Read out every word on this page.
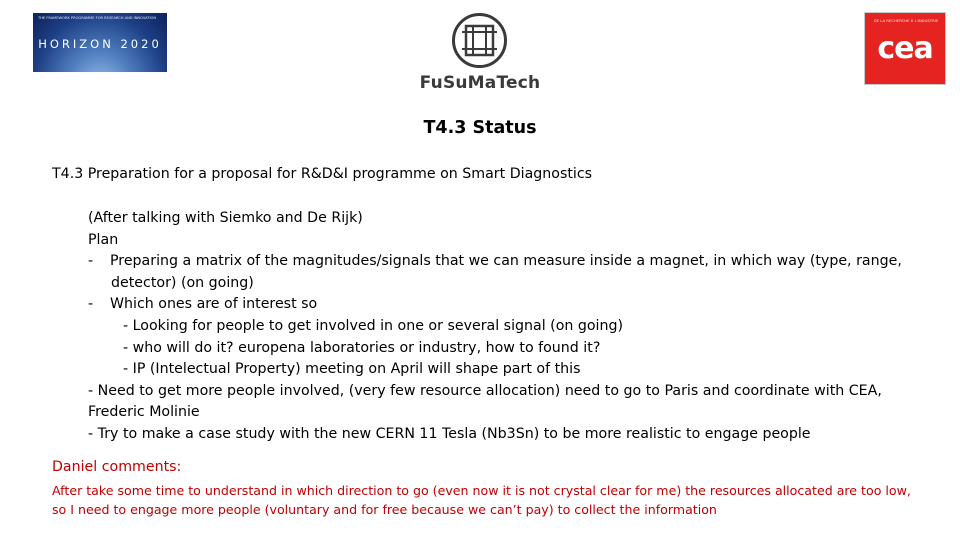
THE FRAMEWORK PROGRAMME FOR RESEARCH AND INNOVATION
HORIZON 2020
FuSuMaTech
DE LA RECHERCHE À L'INDUSTRIE
cea
T4.3 Status
T4.3 Preparation for a proposal for R&D&I programme on Smart Diagnostics
(After talking with Siemko and De Rijk)
Plan
- Preparing a matrix of the magnitudes/signals that we can measure inside a magnet, in which way (type, range,
detector) (on going)
- Which ones are of interest so
- Looking for people to get involved in one or several signal (on going)
- who will do it? europena laboratories or industry, how to found it?
- IP (Intelectual Property) meeting on April will shape part of this
- Need to get more people involved, (very few resource allocation) need to go to Paris and coordinate with CEA,
Frederic Molinie
- Try to make a case study with the new CERN 11 Tesla (Nb3Sn) to be more realistic to engage people
Daniel comments:
After take some time to understand in which direction to go (even now it is not crystal clear for me) the resources allocated are too low, so I need to engage more people (voluntary and for free because we can’t pay) to collect the information
